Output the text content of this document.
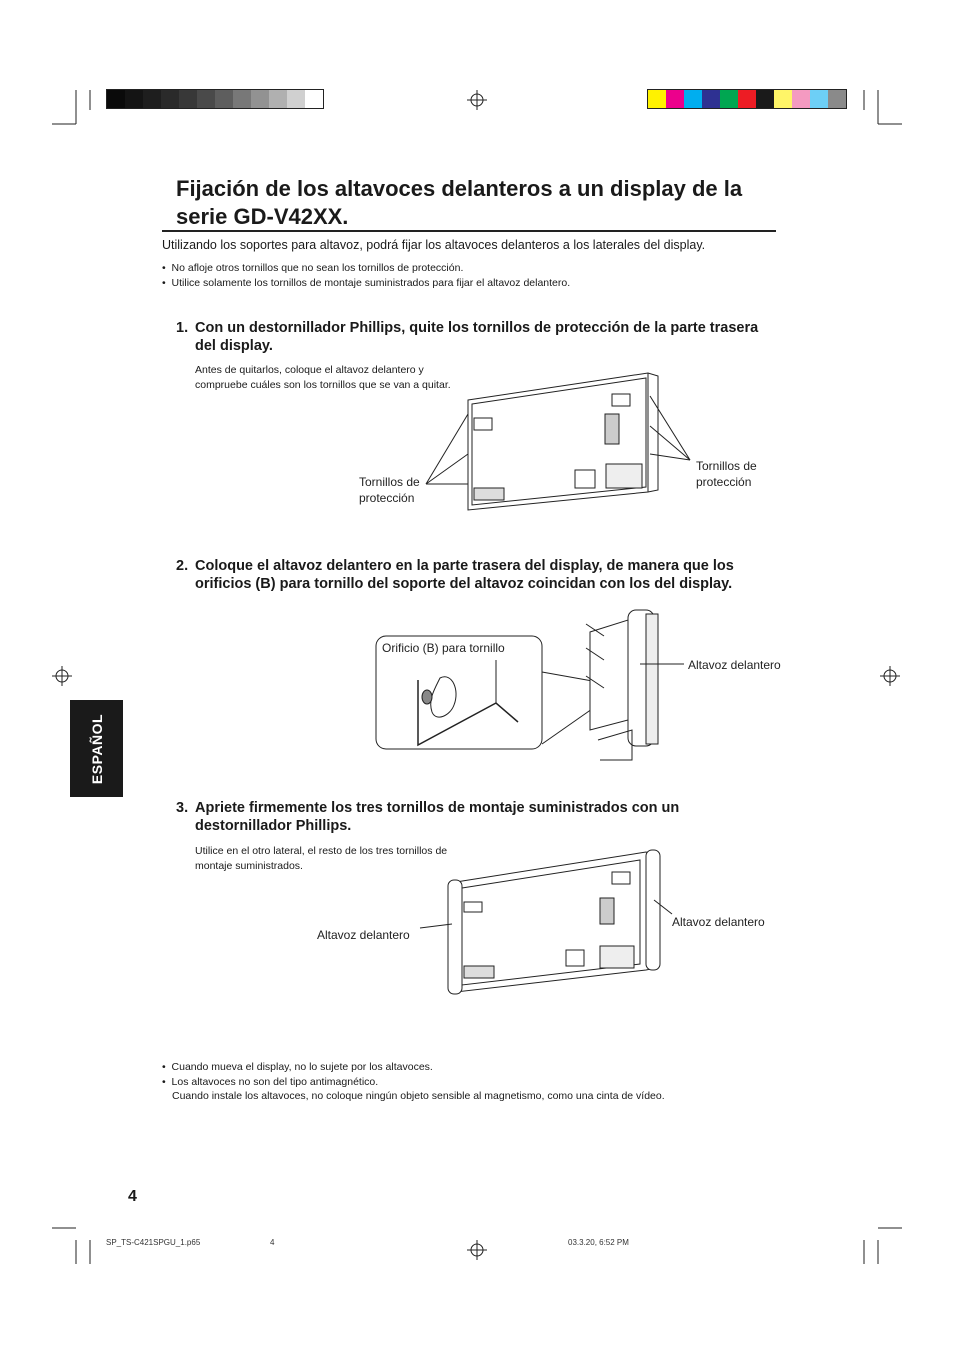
Fijación de los altavoces delanteros a un display de la serie GD-V42XX.
Utilizando los soportes para altavoz, podrá fijar los altavoces delanteros a los laterales del display.
• No afloje otros tornillos que no sean los tornillos de protección.
• Utilice solamente los tornillos de montaje suministrados para fijar el altavoz delantero.
1. Con un destornillador Phillips, quite los tornillos de protección de la parte trasera del display.
Antes de quitarlos, coloque el altavoz delantero y
compruebe cuáles son los tornillos que se van a quitar.
Tornillos de
protección
Tornillos de
protección
2. Coloque el altavoz delantero en la parte trasera del display, de manera que los orificios (B) para tornillo del soporte del altavoz coincidan con los del display.
Orificio (B) para tornillo
Altavoz delantero
ESPAÑOL
3. Apriete firmemente los tres tornillos de montaje suministrados con un destornillador Phillips.
Utilice en el otro lateral, el resto de los tres tornillos de
montaje suministrados.
Altavoz delantero
Altavoz delantero
• Cuando mueva el display, no lo sujete por los altavoces.
• Los altavoces no son del tipo antimagnético.
Cuando instale los altavoces, no coloque ningún objeto sensible al magnetismo, como una cinta de vídeo.
4
SP_TS-C421SPGU_1.p65	4	03.3.20, 6:52 PM
